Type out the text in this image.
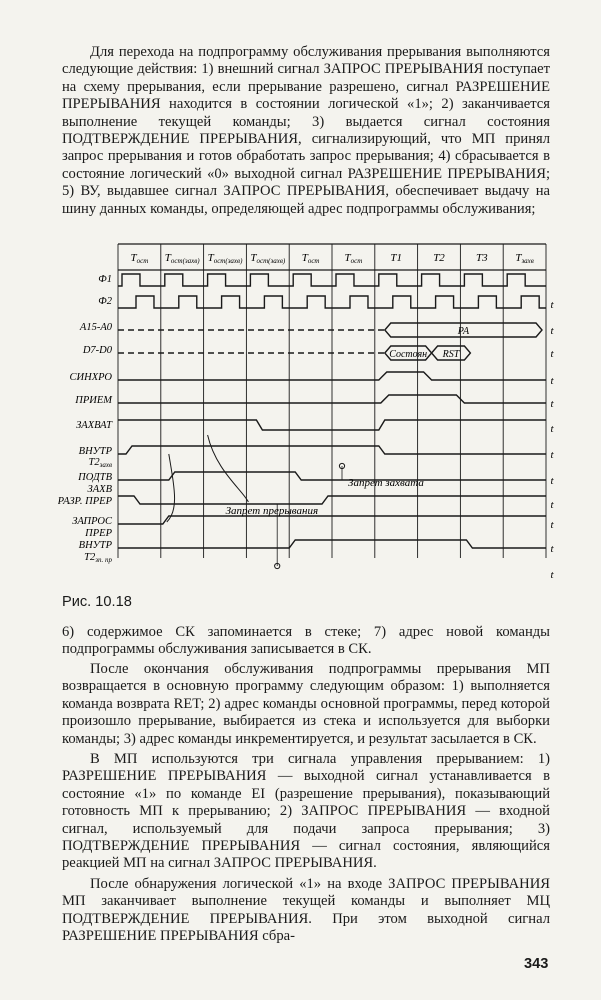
Для перехода на подпрограмму обслуживания прерывания выполняются следующие действия: 1) внешний сигнал ЗАПРОС ПРЕРЫВАНИЯ поступает на схему прерывания, если прерывание разрешено, сигнал РАЗРЕШЕНИЕ ПРЕРЫВАНИЯ находится в состоянии логической «1»; 2) заканчивается выполнение текущей команды; 3) выдается сигнал состояния ПОДТВЕРЖДЕНИЕ ПРЕРЫВАНИЯ, сигнализирующий, что МП принял запрос прерывания и готов обработать запрос прерывания; 4) сбрасывается в состояние логический «0» выходной сигнал РАЗРЕШЕНИЕ ПРЕРЫВАНИЯ; 5) ВУ, выдавшее сигнал ЗАПРОС ПРЕРЫВАНИЯ, обеспечивает выдачу на шину данных команды, определяющей адрес подпрограммы обслуживания;

Tост Tост(захв) Tост(захв) Tост(захв) Tост Tост	T1	T2	T3	Tзахв
Ф1
Ф2
А15-А0
D7-D0
СИНХРО
ПРИЕМ
ЗАХВАТ
ВНУТР
Т2захв
ПОДТВ
ЗАХВ
РАЗР. ПРЕР
ЗАПРОС
ПРЕР
ВНУТР
Т2зп. пр
t
t
t
t
t
t
t
t
t
t
t
t
РА
Состоян RST
Запрет захвата
Запрет прерывания
Рис. 10.18

6) содержимое СК запоминается в стеке; 7) адрес новой команды подпрограммы обслуживания записывается в СК.

После окончания обслуживания подпрограммы прерывания МП возвращается в основную программу следующим образом: 1) выполняется команда возврата RET; 2) адрес команды основной программы, перед которой произошло прерывание, выбирается из стека и используется для выборки команды; 3) адрес команды инкрементируется, и результат засылается в СК.

В МП используются три сигнала управления прерыванием: 1) РАЗРЕШЕНИЕ ПРЕРЫВАНИЯ — выходной сигнал устанавливается в состояние «1» по команде EI (разрешение прерывания), показывающий готовность МП к прерыванию; 2) ЗАПРОС ПРЕРЫВАНИЯ — входной сигнал, используемый для подачи запроса прерывания; 3) ПОДТВЕРЖДЕНИЕ ПРЕРЫВАНИЯ — сигнал состояния, являющийся реакцией МП на сигнал ЗАПРОС ПРЕРЫВАНИЯ.

После обнаружения логической «1» на входе ЗАПРОС ПРЕРЫВАНИЯ МП заканчивает выполнение текущей команды и выполняет МЦ ПОДТВЕРЖДЕНИЕ ПРЕРЫВАНИЯ. При этом выходной сигнал РАЗРЕШЕНИЕ ПРЕРЫВАНИЯ сбра-

343
